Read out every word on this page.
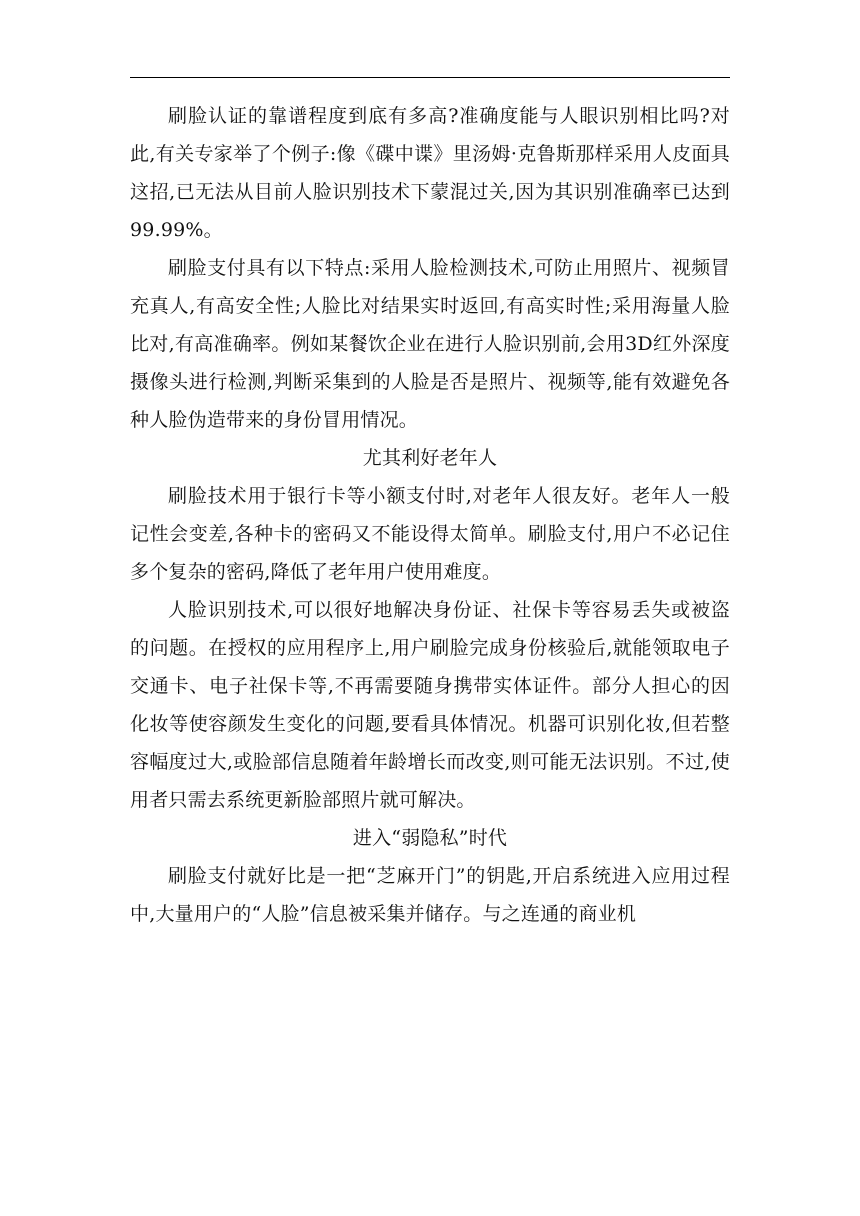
刷脸认证的靠谱程度到底有多高?准确度能与人眼识别相比吗?对此,有关专家举了个例子:像《碟中谍》里汤姆·克鲁斯那样采用人皮面具这招,已无法从目前人脸识别技术下蒙混过关,因为其识别准确率已达到99.99%。

刷脸支付具有以下特点:采用人脸检测技术,可防止用照片、视频冒充真人,有高安全性;人脸比对结果实时返回,有高实时性;采用海量人脸比对,有高准确率。例如某餐饮企业在进行人脸识别前,会用3D红外深度摄像头进行检测,判断采集到的人脸是否是照片、视频等,能有效避免各种人脸伪造带来的身份冒用情况。

尤其利好老年人

刷脸技术用于银行卡等小额支付时,对老年人很友好。老年人一般记性会变差,各种卡的密码又不能设得太简单。刷脸支付,用户不必记住多个复杂的密码,降低了老年用户使用难度。

人脸识别技术,可以很好地解决身份证、社保卡等容易丢失或被盗的问题。在授权的应用程序上,用户刷脸完成身份核验后,就能领取电子交通卡、电子社保卡等,不再需要随身携带实体证件。部分人担心的因化妆等使容颜发生变化的问题,要看具体情况。机器可识别化妆,但若整容幅度过大,或脸部信息随着年龄增长而改变,则可能无法识别。不过,使用者只需去系统更新脸部照片就可解决。

进入“弱隐私”时代

刷脸支付就好比是一把“芝麻开门”的钥匙,开启系统进入应用过程中,大量用户的“人脸”信息被采集并储存。与之连通的商业机
